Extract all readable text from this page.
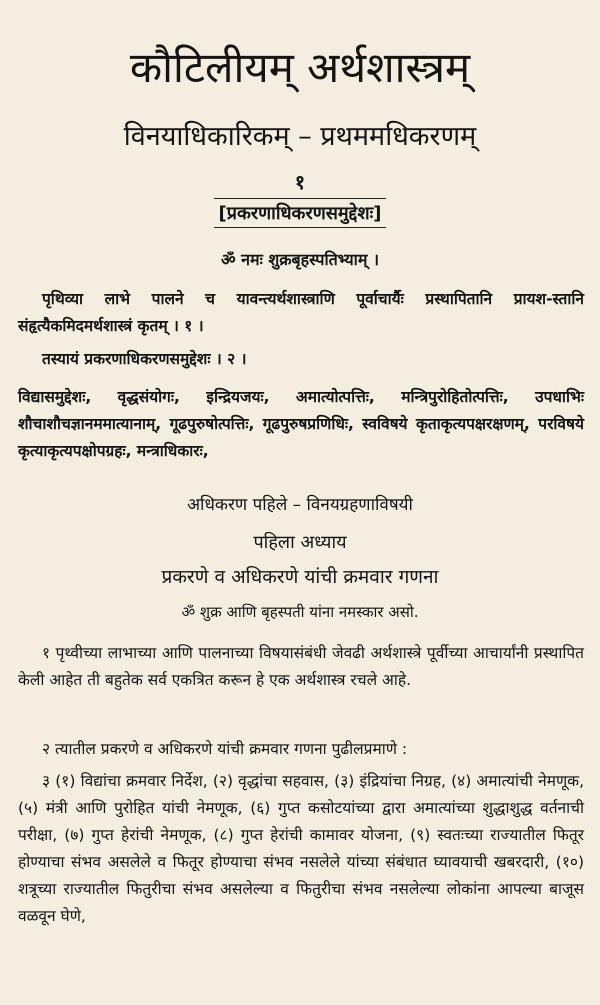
कौटिलीयम् अर्थशास्त्रम्
विनयाधिकारिकम् – प्रथममधिकरणम्
१
[प्रकरणाधिकरणसमुद्देशः]
ॐ नमः शुक्रबृहस्पतिभ्याम् ।
पृथिव्या लाभे पालने च यावन्त्यर्थशास्त्राणि पूर्वाचार्यैः प्रस्थापितानि प्रायश-स्तानि संहृत्यैकमिदमर्थशास्त्रं कृतम् । १ ।
तस्यायं प्रकरणाधिकरणसमुद्देशः । २ ।
विद्यासमुद्देशः, वृद्धसंयोगः, इन्द्रियजयः, अमात्योत्पत्तिः, मन्त्रिपुरोहितोत्पत्तिः, उपधाभिः शौचाशौचज्ञानममात्यानाम्, गूढपुरुषोत्पत्तिः, गूढपुरुषप्रणिधिः, स्वविषये कृताकृत्यपक्षरक्षणम्, परविषये कृत्याकृत्यपक्षोपग्रहः, मन्त्राधिकारः,
अधिकरण पहिले – विनयग्रहणाविषयी
पहिला अध्याय
प्रकरणे व अधिकरणे यांची क्रमवार गणना
ॐ शुक्र आणि बृहस्पती यांना नमस्कार असो.
१ पृथ्वीच्या लाभाच्या आणि पालनाच्या विषयासंबंधी जेवढी अर्थशास्त्रे पूर्वीच्या आचार्यांनी प्रस्थापित केली आहेत ती बहुतेक सर्व एकत्रित करून हे एक अर्थशास्त्र रचले आहे.
२ त्यातील प्रकरणे व अधिकरणे यांची क्रमवार गणना पुढीलप्रमाणे :
३ (१) विद्यांचा क्रमवार निर्देश, (२) वृद्धांचा सहवास, (३) इंद्रियांचा निग्रह, (४) अमात्यांची नेमणूक, (५) मंत्री आणि पुरोहित यांची नेमणूक, (६) गुप्त कसोटयांच्या द्वारा अमात्यांच्या शुद्धाशुद्ध वर्तनाची परीक्षा, (७) गुप्त हेरांची नेमणूक, (८) गुप्त हेरांची कामावर योजना, (९) स्वतःच्या राज्यातील फितूर होण्याचा संभव असलेले व फितूर होण्याचा संभव नसलेले यांच्या संबंधात घ्यावयाची खबरदारी, (१०) शत्रूच्या राज्यातील फितुरीचा संभव असलेल्या व फितुरीचा संभव नसलेल्या लोकांना आपल्या बाजूस वळवून घेणे,
